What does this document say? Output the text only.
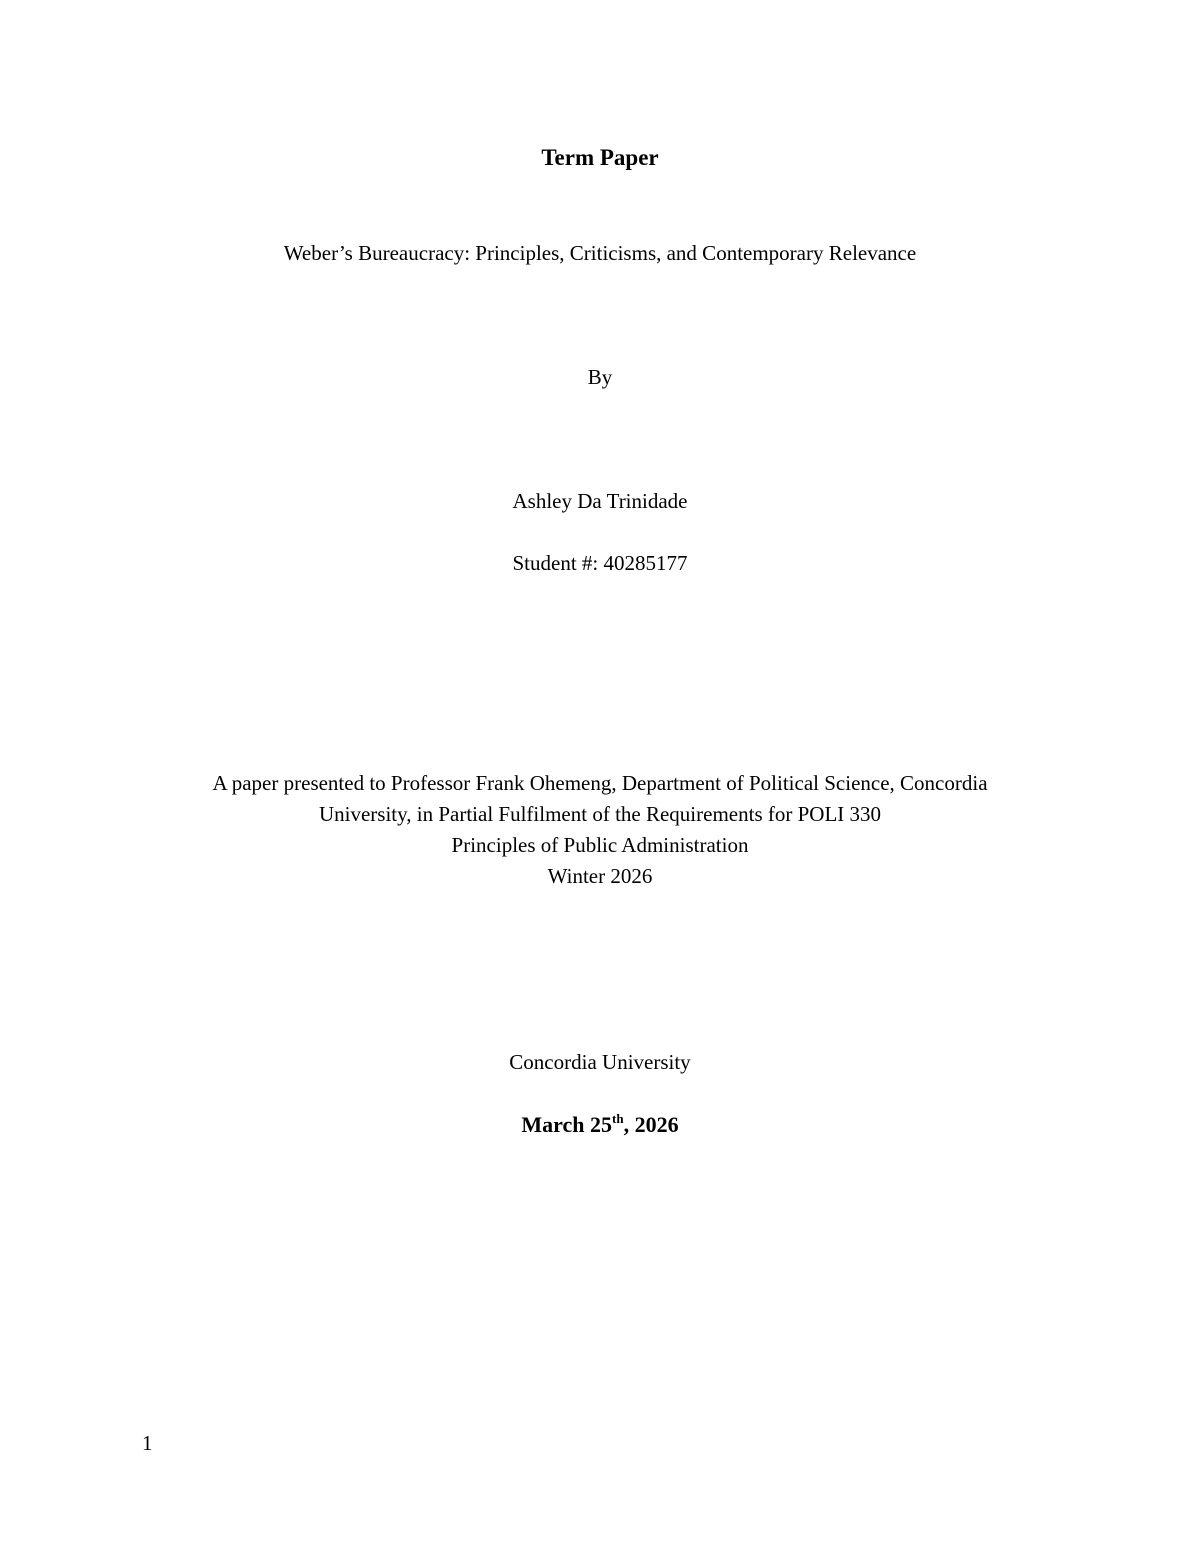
Term Paper
Weber’s Bureaucracy: Principles, Criticisms, and Contemporary Relevance
By
Ashley Da Trinidade
Student #: 40285177
A paper presented to Professor Frank Ohemeng, Department of Political Science, Concordia
University, in Partial Fulfilment of the Requirements for POLI 330
Principles of Public Administration
Winter 2026
Concordia University
March 25th, 2026
1
